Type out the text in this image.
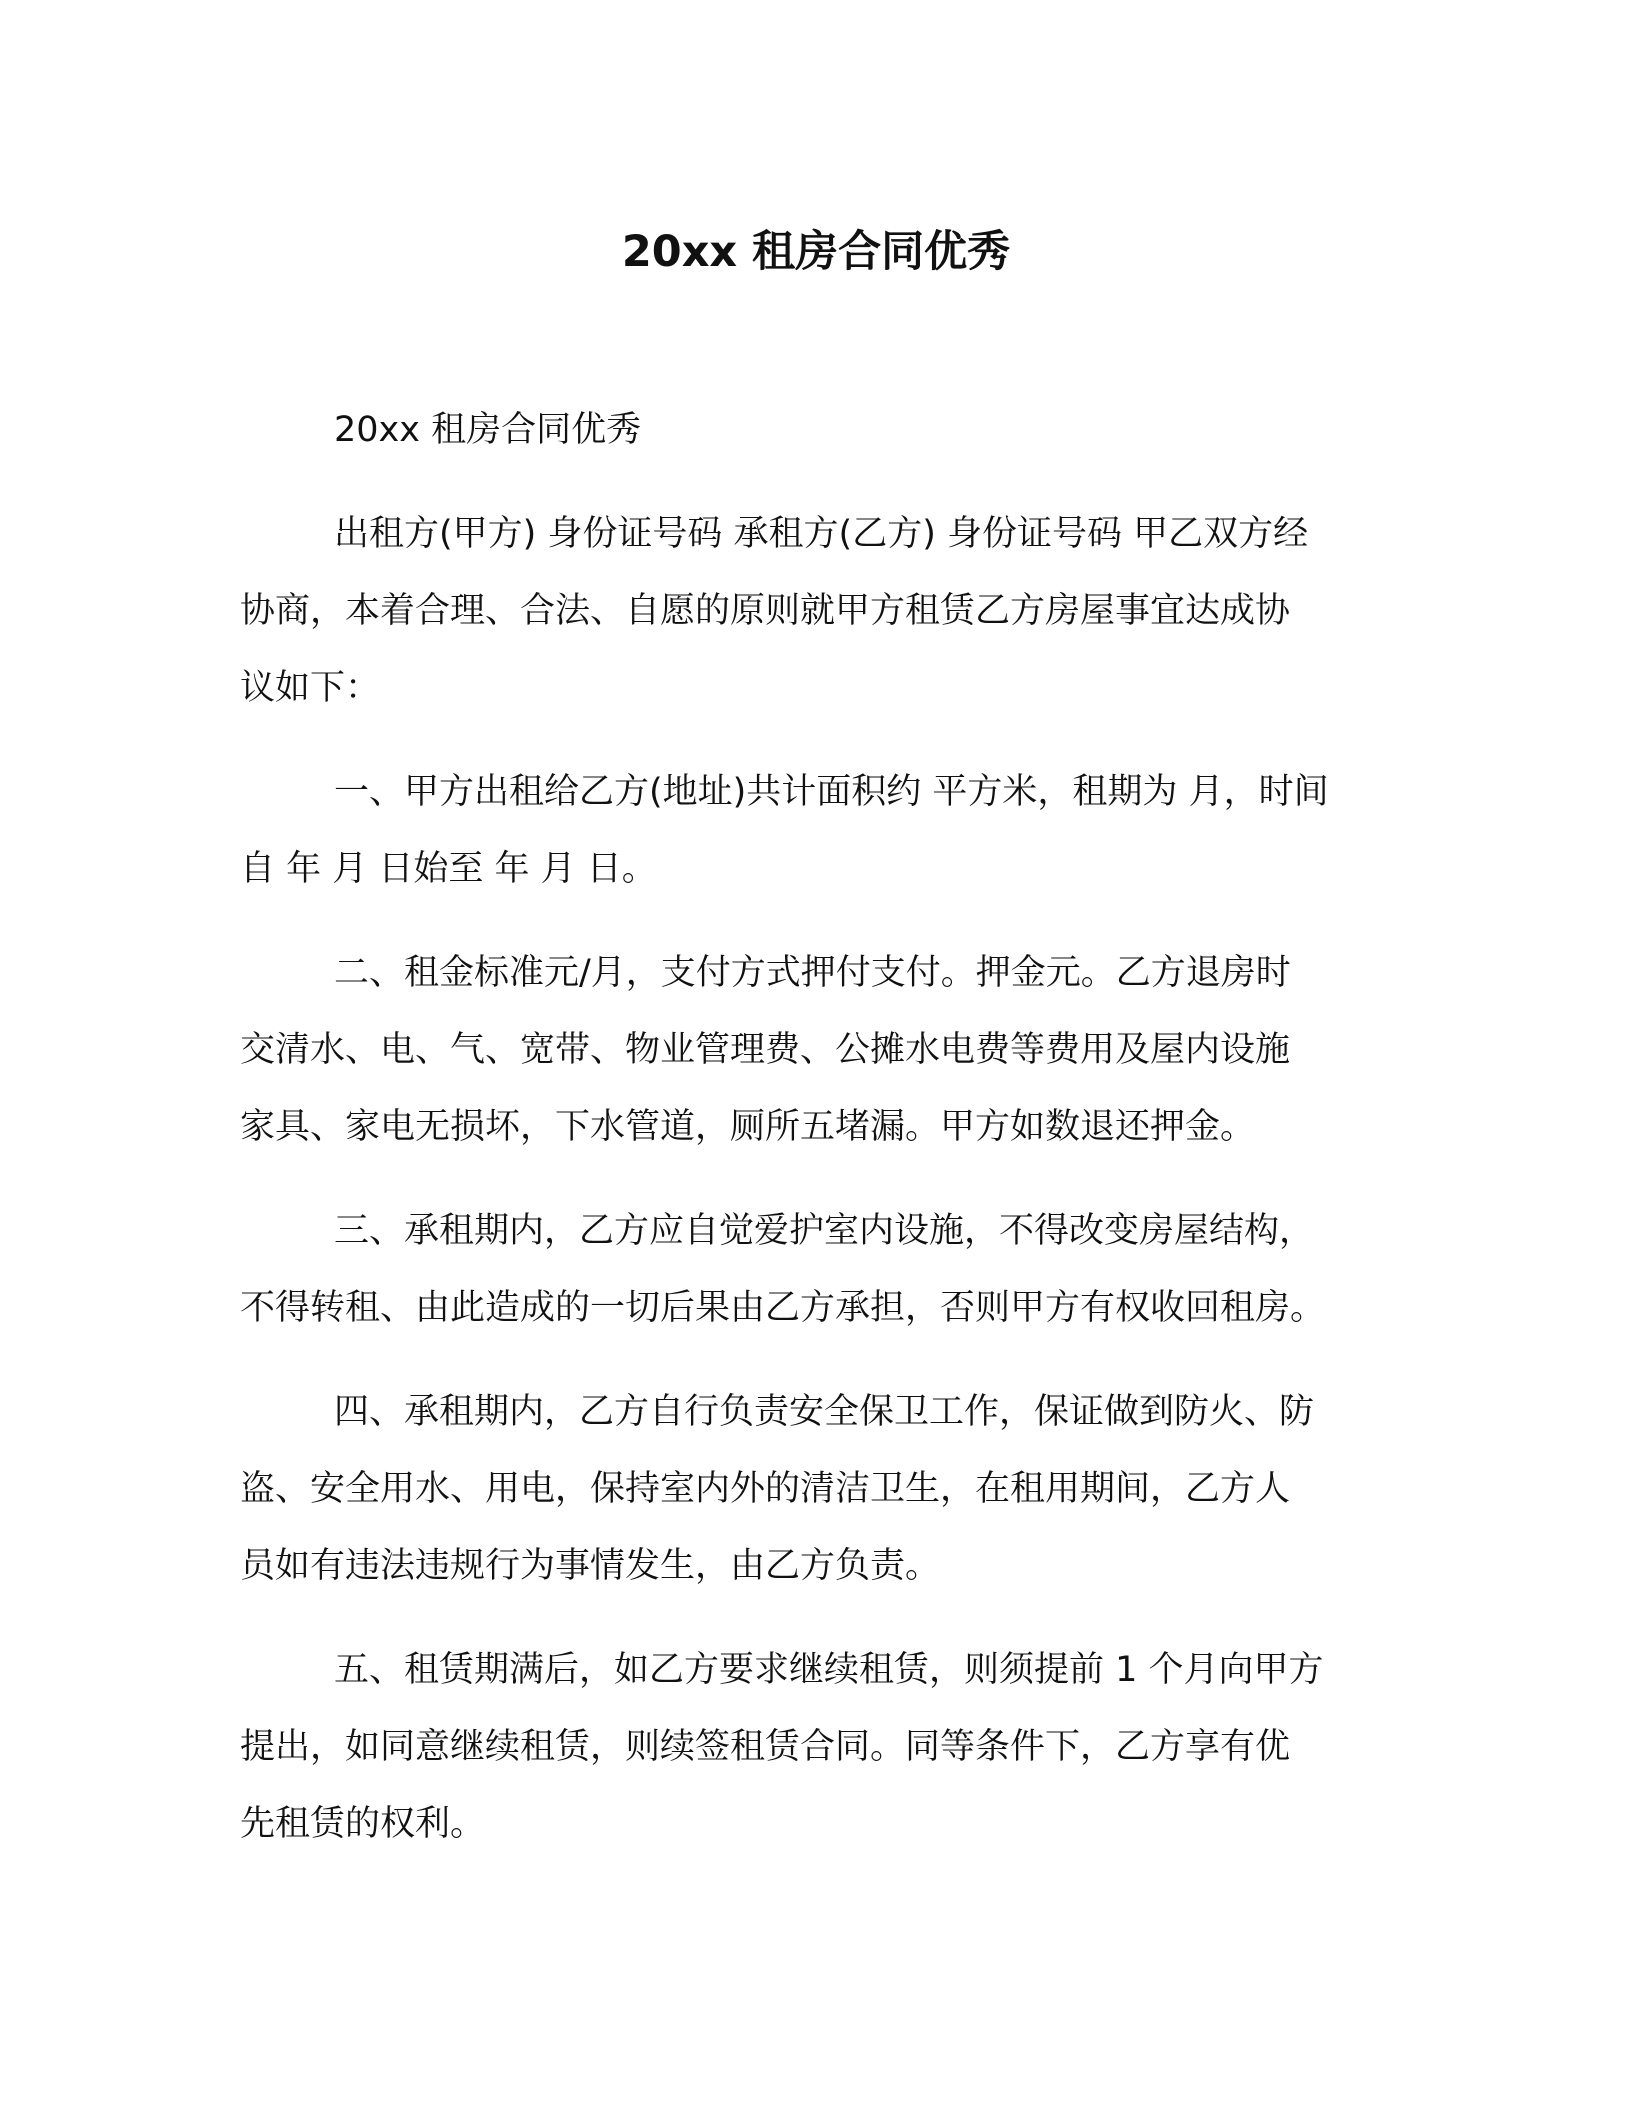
20xx 租房合同优秀

20xx 租房合同优秀

出租方(甲方) 身份证号码 承租方(乙方) 身份证号码 甲乙双方经
协商，本着合理、合法、自愿的原则就甲方租赁乙方房屋事宜达成协
议如下：

一、甲方出租给乙方(地址)共计面积约 平方米，租期为 月，时间
自 年 月 日始至 年 月 日。

二、租金标准元/月，支付方式押付支付。押金元。乙方退房时
交清水、电、气、宽带、物业管理费、公摊水电费等费用及屋内设施
家具、家电无损坏，下水管道，厕所五堵漏。甲方如数退还押金。

三、承租期内，乙方应自觉爱护室内设施，不得改变房屋结构，
不得转租、由此造成的一切后果由乙方承担，否则甲方有权收回租房。

四、承租期内，乙方自行负责安全保卫工作，保证做到防火、防
盗、安全用水、用电，保持室内外的清洁卫生，在租用期间，乙方人
员如有违法违规行为事情发生，由乙方负责。

五、租赁期满后，如乙方要求继续租赁，则须提前 1 个月向甲方
提出，如同意继续租赁，则续签租赁合同。同等条件下，乙方享有优
先租赁的权利。
